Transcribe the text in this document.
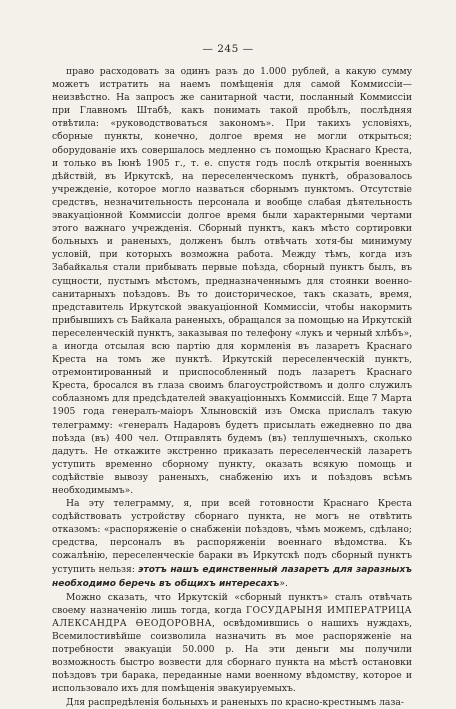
— 245 —

право расходовать за одинъ разъ до 1.000 рублей, а какую сумму можетъ истратить на наемъ помѣщенія для самой Коммиссіи—неизвѣстно. На запросъ же санитарной части, посланный Коммиссіи при Главномъ Штабѣ, какъ понимать такой пробѣлъ, послѣдняя отвѣтила: «руководствоваться закономъ». При такихъ условіяхъ, сборные пункты, конечно, долгое время не могли открыться; оборудованіе ихъ совершалось медленно съ помощью Краснаго Креста, и только въ Іюнѣ 1905 г., т. е. спустя годъ послѣ открытія военныхъ дѣйствій, въ Иркутскѣ, на переселенческомъ пунктѣ, образовалось учрежденіе, которое могло назваться сборнымъ пунктомъ. Отсутствіе средствъ, незначительность персонала и вообще слабая дѣятельность эвакуаціонной Коммиссіи долгое время были характерными чертами этого важнаго учрежденія. Сборный пунктъ, какъ мѣсто сортировки больныхъ и раненыхъ, долженъ былъ отвѣчать хотя-бы минимуму условій, при которыхъ возможна работа. Между тѣмъ, когда изъ Забайкалья стали прибывать первые поѣзда, сборный пунктъ былъ, въ сущности, пустымъ мѣстомъ, предназначеннымъ для стоянки военно-санитарныхъ поѣздовъ. Въ то доисторическое, такъ сказать, время, представитель Иркутской эвакуаціонной Коммиссіи, чтобы накормить прибывшихъ съ Байкала раненыхъ, обращался за помощью на Иркутскій переселенческій пунктъ, заказывая по телефону «лукъ и черный хлѣбъ», а иногда отсылая всю партію для кормленія въ лазаретъ Краснаго Креста на томъ же пунктѣ. Иркутскій переселенческій пунктъ, отремонтированный и приспособленный подъ лазаретъ Краснаго Креста, бросался въ глаза своимъ благоустройствомъ и долго служилъ соблазномъ для предсѣдателей эвакуаціонныхъ Коммиссій. Еще 7 Марта 1905 года генералъ-маіоръ Хлыновскій изъ Омска прислалъ такую телеграмму: «генералъ Надаровъ будетъ присылать ежедневно по два поѣзда (въ) 400 чел. Отправлять будемъ (въ) теплушечныхъ, сколько дадутъ. Не откажите экстренно приказать переселенческій лазаретъ уступить временно сборному пункту, оказать всякую помощь и содѣйствіе вывозу раненыхъ, снабженію ихъ и поѣздовъ всѣмъ необходимымъ».

На эту телеграмму, я, при всей готовности Краснаго Креста содѣйствовать устройству сборнаго пункта, не могъ не отвѣтить отказомъ: «распоряженіе о снабженіи поѣздовъ, чѣмъ можемъ, сдѣлано; средства, персоналъ въ распоряженіи военнаго вѣдомства. Къ сожалѣнію, переселенческіе бараки въ Иркутскѣ подъ сборный пунктъ уступить нельзя: этотъ нашъ единственный лазаретъ для заразныхъ необходимо беречь въ общихъ интересахъ».

Можно сказать, что Иркутскій «сборный пунктъ» сталъ отвѣчать своему назначенію лишь тогда, когда ГОСУДАРЫНЯ ИМПЕРАТРИЦА АЛЕКСАНДРА ѲЕОДОРОВНА, освѣдомившись о нашихъ нуждахъ, Всемилостивѣйше соизволила назначить въ мое распоряженіе на потребности эвакуаціи 50.000 р. На эти деньги мы получили возможность быстро возвести для сборнаго пункта на мѣстѣ остановки поѣздовъ три барака, переданные нами военному вѣдомству, которое и использовало ихъ для помѣщенія эвакуируемыхъ.

Для распредѣленія больныхъ и раненыхъ по красно-крестнымъ лаза-
